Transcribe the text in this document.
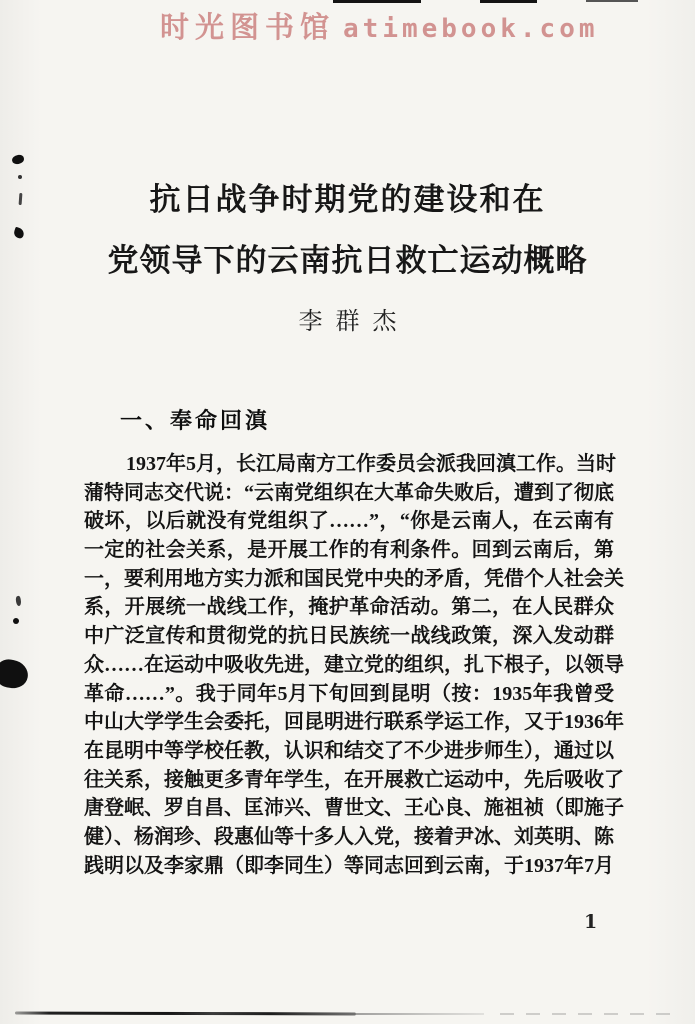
时光图书馆 atimebook.com
抗日战争时期党的建设和在
党领导下的云南抗日救亡运动概略
李群杰
一、奉命回滇
1937年5月，长江局南方工作委员会派我回滇工作。当时
蒲特同志交代说：“云南党组织在大革命失败后，遭到了彻底
破坏，以后就没有党组织了……”，“你是云南人，在云南有
一定的社会关系，是开展工作的有利条件。回到云南后，第
一，要利用地方实力派和国民党中央的矛盾，凭借个人社会关
系，开展统一战线工作，掩护革命活动。第二，在人民群众
中广泛宣传和贯彻党的抗日民族统一战线政策，深入发动群
众……在运动中吸收先进，建立党的组织，扎下根子，以领导
革命……”。我于同年5月下旬回到昆明（按：1935年我曾受
中山大学学生会委托，回昆明进行联系学运工作，又于1936年
在昆明中等学校任教，认识和结交了不少进步师生），通过以
往关系，接触更多青年学生，在开展救亡运动中，先后吸收了
唐登岷、罗自昌、匡沛兴、曹世文、王心良、施祖祯（即施子
健）、杨润珍、段惠仙等十多人入党，接着尹冰、刘英明、陈
践明以及李家鼎（即李同生）等同志回到云南，于1937年7月
1
